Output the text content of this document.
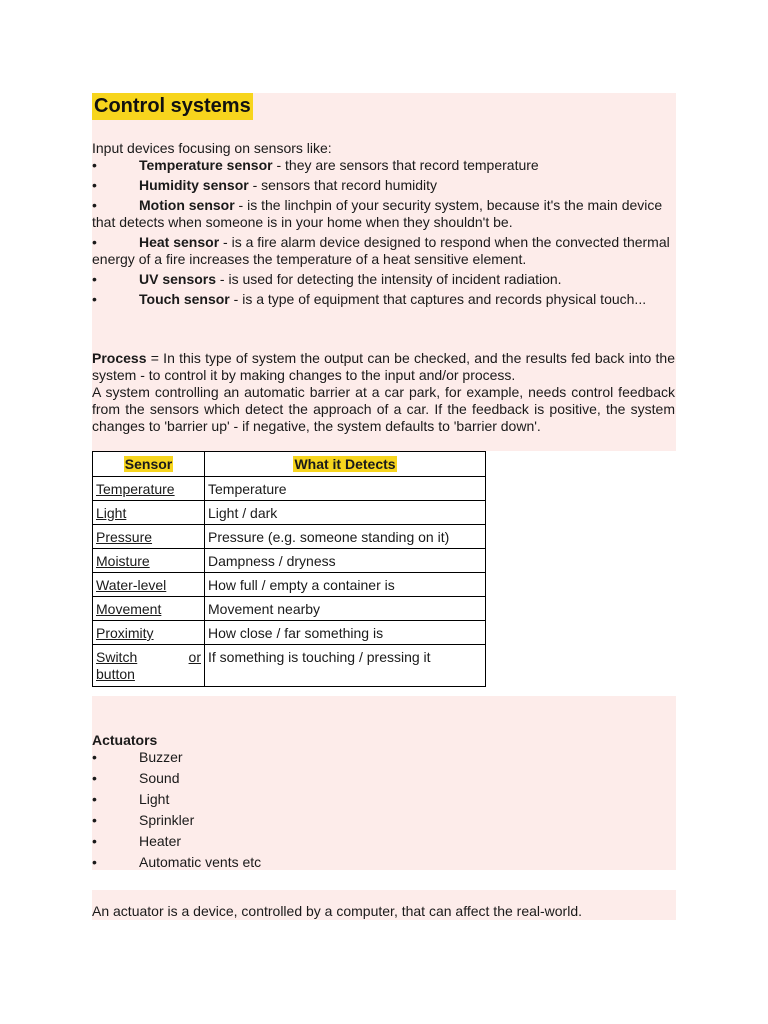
Control systems
Input devices focusing on sensors like:
•	Temperature sensor - they are sensors that record temperature
•	Humidity sensor - sensors that record humidity
•	Motion sensor - is the linchpin of your security system, because it's the main device that detects when someone is in your home when they shouldn't be.
•	Heat sensor - is a fire alarm device designed to respond when the convected thermal energy of a fire increases the temperature of a heat sensitive element.
•	UV sensors - is used for detecting the intensity of incident radiation.
•	Touch sensor - is a type of equipment that captures and records physical touch...
Process = In this type of system the output can be checked, and the results fed back into the system - to control it by making changes to the input and/or process.
A system controlling an automatic barrier at a car park, for example, needs control feedback from the sensors which detect the approach of a car. If the feedback is positive, the system changes to 'barrier up' - if negative, the system defaults to 'barrier down'.
Sensor	What it Detects
Temperature	Temperature
Light	Light / dark
Pressure	Pressure (e.g. someone standing on it)
Moisture	Dampness / dryness
Water-level	How full / empty a container is
Movement	Movement nearby
Proximity	How close / far something is

Switch or
button	If something is touching / pressing it
Actuators
•	Buzzer
•	Sound
•	Light
•	Sprinkler
•	Heater
•	Automatic vents etc
An actuator is a device, controlled by a computer, that can affect the real-world.
